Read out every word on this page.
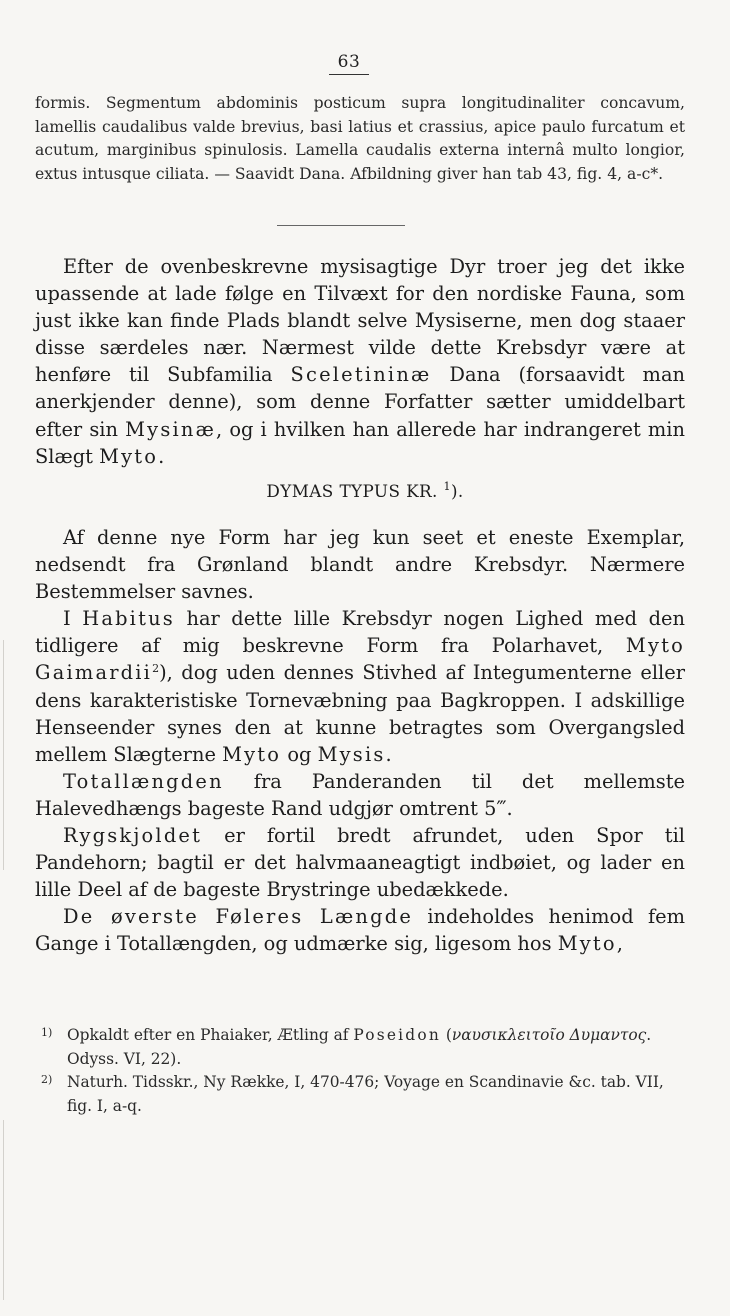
63
formis. Segmentum abdominis posticum supra longitudinaliter concavum, lamellis caudalibus valde brevius, basi latius et crassius, apice paulo furcatum et acutum, marginibus spinulosis. Lamella caudalis externa internâ multo longior, extus intusque ciliata. — Saavidt Dana. Afbildning giver han tab 43, fig. 4, a-c*.

Efter de ovenbeskrevne mysisagtige Dyr troer jeg det ikke upassende at lade følge en Tilvæxt for den nordiske Fauna, som just ikke kan finde Plads blandt selve Mysiserne, men dog staaer disse særdeles nær. Nærmest vilde dette Krebsdyr være at henføre til Subfamilia Sceletininæ Dana (forsaavidt man anerkjender denne), som denne Forfatter sætter umiddelbart efter sin Mysinæ, og i hvilken han allerede har indrangeret min Slægt Myto.

DYMAS TYPUS KR. $^1$).

Af denne nye Form har jeg kun seet et eneste Exemplar, nedsendt fra Grønland blandt andre Krebsdyr. Nærmere Bestemmelser savnes.

I Habitus har dette lille Krebsdyr nogen Lighed med den tidligere af mig beskrevne Form fra Polarhavet, Myto Gaimardii$^2$), dog uden dennes Stivhed af Integumenterne eller dens karakteristiske Tornevæbning paa Bagkroppen. I adskillige Henseender synes den at kunne betragtes som Overgangsled mellem Slægterne Myto og Mysis.

Totallængden fra Panderanden til det mellemste Halevedhængs bageste Rand udgjør omtrent 5‴.

Rygskjoldet er fortil bredt afrundet, uden Spor til Pandehorn; bagtil er det halvmaaneagtigt indbøiet, og lader en lille Deel af de bageste Brystringe ubedækkede.

De øverste Føleres Længde indeholdes henimod fem Gange i Totallængden, og udmærke sig, ligesom hos Myto,

1) Opkaldt efter en Phaiaker, Ætling af Poseidon (ναυσικλειτοῖο Δυμαντος. Odyss. VI, 22).
2) Naturh. Tidsskr., Ny Række, I, 470-476; Voyage en Scandinavie &c. tab. VII, fig. I, a-q.
